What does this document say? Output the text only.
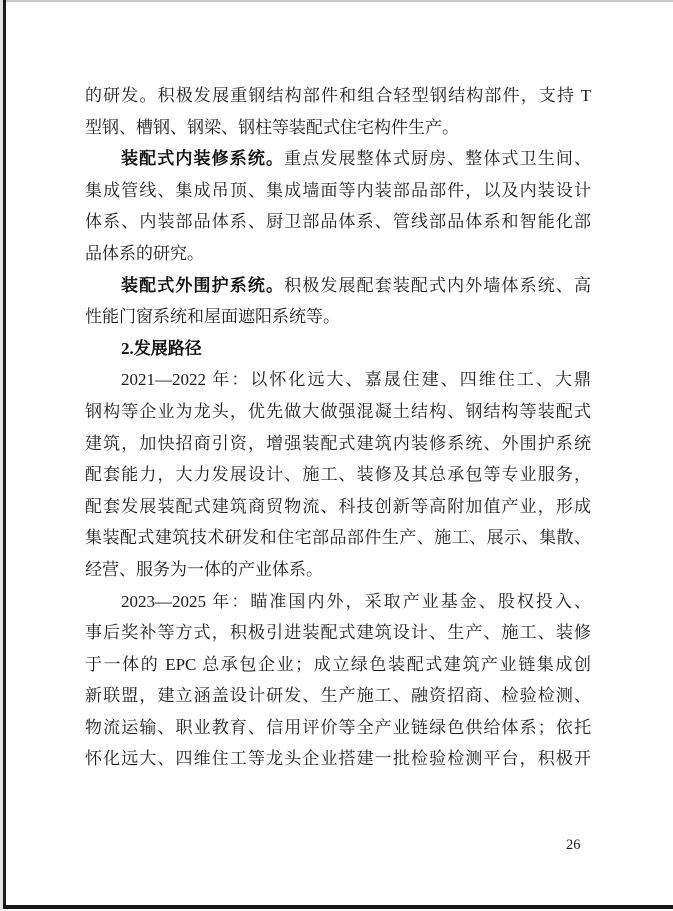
的研发。积极发展重钢结构部件和组合轻型钢结构部件，支持 T
型钢、槽钢、钢梁、钢柱等装配式住宅构件生产。
装配式内装修系统。重点发展整体式厨房、整体式卫生间、
集成管线、集成吊顶、集成墙面等内装部品部件，以及内装设计
体系、内装部品体系、厨卫部品体系、管线部品体系和智能化部
品体系的研究。
装配式外围护系统。积极发展配套装配式内外墙体系统、高
性能门窗系统和屋面遮阳系统等。
2.发展路径
2021—2022 年：以怀化远大、嘉晟住建、四维住工、大鼎
钢构等企业为龙头，优先做大做强混凝土结构、钢结构等装配式
建筑，加快招商引资，增强装配式建筑内装修系统、外围护系统
配套能力，大力发展设计、施工、装修及其总承包等专业服务，
配套发展装配式建筑商贸物流、科技创新等高附加值产业，形成
集装配式建筑技术研发和住宅部品部件生产、施工、展示、集散、
经营、服务为一体的产业体系。
2023—2025 年：瞄准国内外，采取产业基金、股权投入、
事后奖补等方式，积极引进装配式建筑设计、生产、施工、装修
于一体的 EPC 总承包企业；成立绿色装配式建筑产业链集成创
新联盟，建立涵盖设计研发、生产施工、融资招商、检验检测、
物流运输、职业教育、信用评价等全产业链绿色供给体系；依托
怀化远大、四维住工等龙头企业搭建一批检验检测平台，积极开
26
